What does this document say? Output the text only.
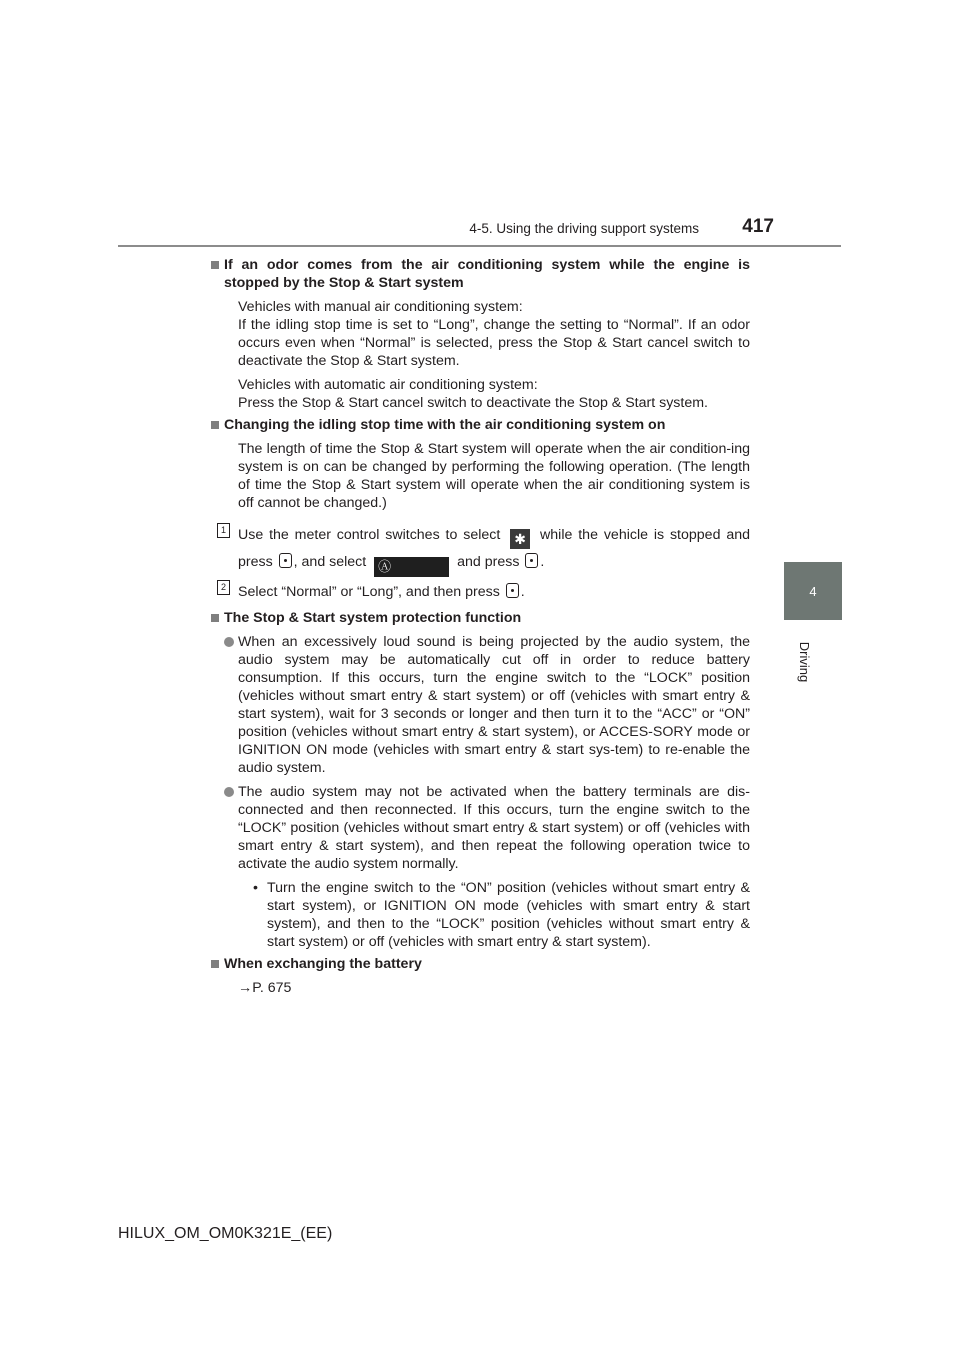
4-5. Using the driving support systems	417
4
Driving
If an odor comes from the air conditioning system while the engine is stopped by the Stop & Start system
Vehicles with manual air conditioning system:
If the idling stop time is set to “Long”, change the setting to “Normal”. If an odor occurs even when “Normal” is selected, press the Stop & Start cancel switch to deactivate the Stop & Start system.
Vehicles with automatic air conditioning system:
Press the Stop & Start cancel switch to deactivate the Stop & Start system.
Changing the idling stop time with the air conditioning system on
The length of time the Stop & Start system will operate when the air condition-ing system is on can be changed by performing the following operation. (The length of time the Stop & Start system will operate when the air conditioning system is off cannot be changed.)
1 Use the meter control switches to select ✱ while the vehicle is stopped and press , and select Ⓐ	and press .
2 Select “Normal” or “Long”, and then press .
The Stop & Start system protection function
When an excessively loud sound is being projected by the audio system, the audio system may be automatically cut off in order to reduce battery consumption. If this occurs, turn the engine switch to the “LOCK” position (vehicles without smart entry & start system) or off (vehicles with smart entry & start system), wait for 3 seconds or longer and then turn it to the “ACC” or “ON” position (vehicles without smart entry & start system), or ACCES-SORY mode or IGNITION ON mode (vehicles with smart entry & start sys-tem) to re-enable the audio system.
The audio system may not be activated when the battery terminals are dis-connected and then reconnected. If this occurs, turn the engine switch to the “LOCK” position (vehicles without smart entry & start system) or off (vehicles with smart entry & start system), and then repeat the following operation twice to activate the audio system normally.
• Turn the engine switch to the “ON” position (vehicles without smart entry & start system), or IGNITION ON mode (vehicles with smart entry & start system), and then to the “LOCK” position (vehicles without smart entry & start system) or off (vehicles with smart entry & start system).
When exchanging the battery
→P. 675
HILUX_OM_OM0K321E_(EE)
